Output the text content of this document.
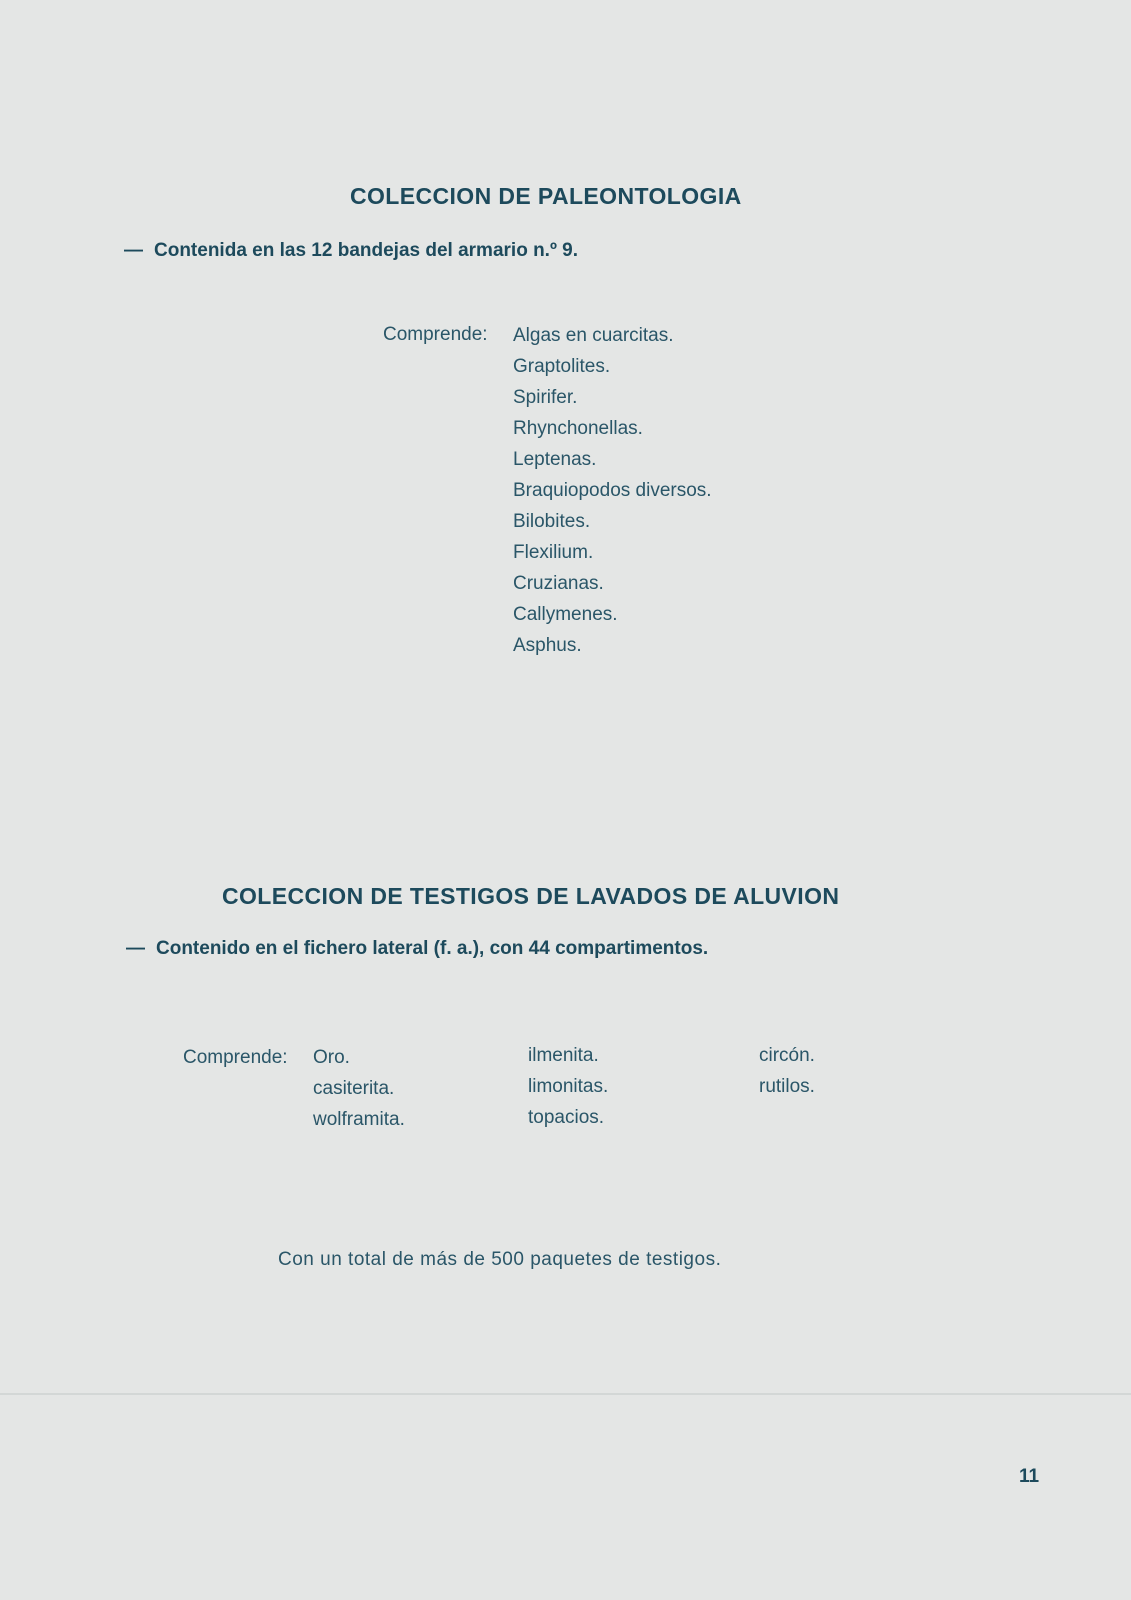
COLECCION DE PALEONTOLOGIA
— Contenida en las 12 bandejas del armario n.º 9.
Comprende: Algas en cuarcitas.
Graptolites.
Spirifer.
Rhynchonellas.
Leptenas.
Braquiopodos diversos.
Bilobites.
Flexilium.
Cruzianas.
Callymenes.
Asphus.
COLECCION DE TESTIGOS DE LAVADOS DE ALUVION
— Contenido en el fichero lateral (f. a.), con 44 compartimentos.
Comprende: Oro.
casiterita.
wolframita.
ilmenita.
limonitas.
topacios.
circón.
rutilos.
Con un total de más de 500 paquetes de testigos.
11
